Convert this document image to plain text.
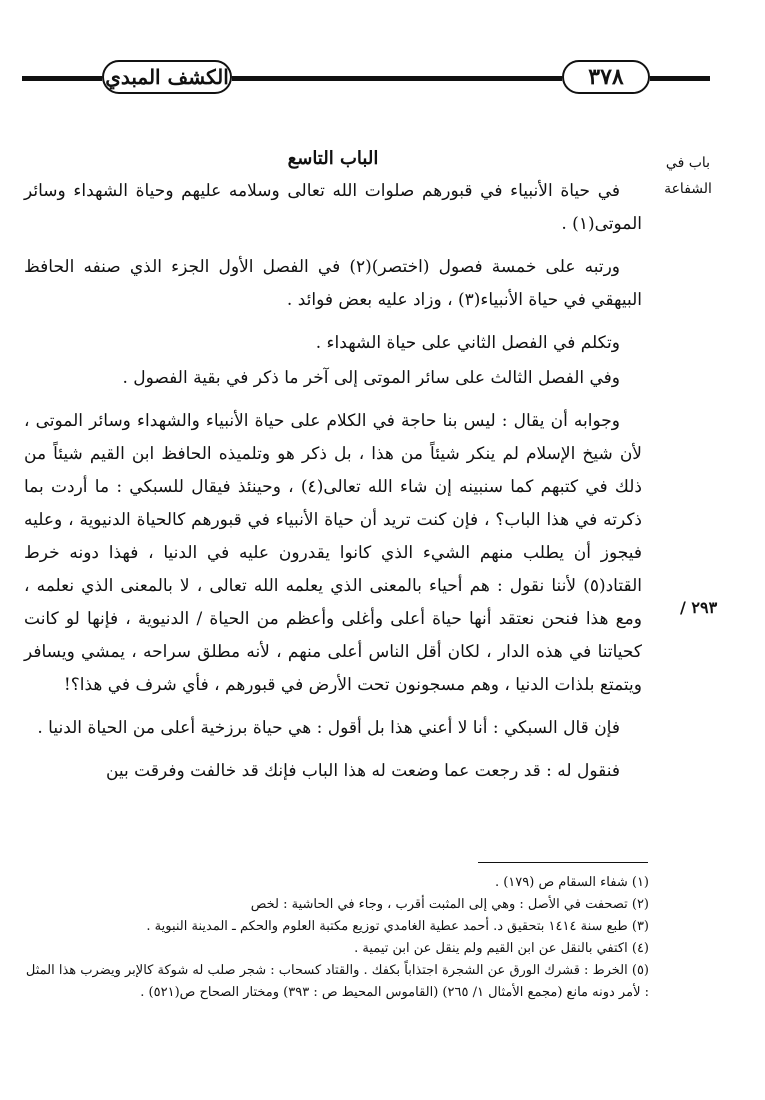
الكشف المبدي	٣٧٨
باب في الشفاعة
/ ٢٩٣
الباب التاسع

في حياة الأنبياء في قبورهم صلوات الله تعالى وسلامه عليهم وحياة الشهداء وسائر الموتى(١) .

ورتبه على خمسة فصول (اختصر)(٢) في الفصل الأول الجزء الذي صنفه الحافظ البيهقي في حياة الأنبياء(٣) ، وزاد عليه بعض فوائد .

وتكلم في الفصل الثاني على حياة الشهداء .

وفي الفصل الثالث على سائر الموتى إلى آخر ما ذكر في بقية الفصول .

وجوابه أن يقال : ليس بنا حاجة في الكلام على حياة الأنبياء والشهداء وسائر الموتى ، لأن شيخ الإسلام لم ينكر شيئاً من هذا ، بل ذكر هو وتلميذه الحافظ ابن القيم شيئاً من ذلك في كتبهم كما سنبينه إن شاء الله تعالى(٤) ، وحينئذ فيقال للسبكي : ما أردت بما ذكرته في هذا الباب؟ ، فإن كنت تريد أن حياة الأنبياء في قبورهم كالحياة الدنيوية ، وعليه فيجوز أن يطلب منهم الشيء الذي كانوا يقدرون عليه في الدنيا ، فهذا دونه خرط القتاد(٥) لأننا نقول : هم أحياء بالمعنى الذي يعلمه الله تعالى ، لا بالمعنى الذي نعلمه ، ومع هذا فنحن نعتقد أنها حياة أعلى وأغلى وأعظم من الحياة / الدنيوية ، فإنها لو كانت كحياتنا في هذه الدار ، لكان أقل الناس أعلى منهم ، لأنه مطلق سراحه ، يمشي ويسافر ويتمتع بلذات الدنيا ، وهم مسجونون تحت الأرض في قبورهم ، فأي شرف في هذا؟!

فإن قال السبكي : أنا لا أعني هذا بل أقول : هي حياة برزخية أعلى من الحياة الدنيا .

فنقول له : قد رجعت عما وضعت له هذا الباب فإنك قد خالفت وفرقت بين

(١) شفاء السقام ص (١٧٩) .
(٢) تصحفت في الأصل : وهي إلى المثبت أقرب ، وجاء في الحاشية : لخص
(٣) طبع سنة ١٤١٤ بتحقيق د. أحمد عطية الغامدي توزيع مكتبة العلوم والحكم ـ المدينة النبوية .
(٤) اكتفي بالنقل عن ابن القيم ولم ينقل عن ابن تيمية .
(٥) الخرط : قشرك الورق عن الشجرة اجتذاباً بكفك . والقتاد كسحاب : شجر صلب له شوكة كالإبر ويضرب هذا المثل : لأمر دونه مانع (مجمع الأمثال ١/ ٢٦٥) (القاموس المحيط ص : ٣٩٣) ومختار الصحاح ص(٥٢١) .
